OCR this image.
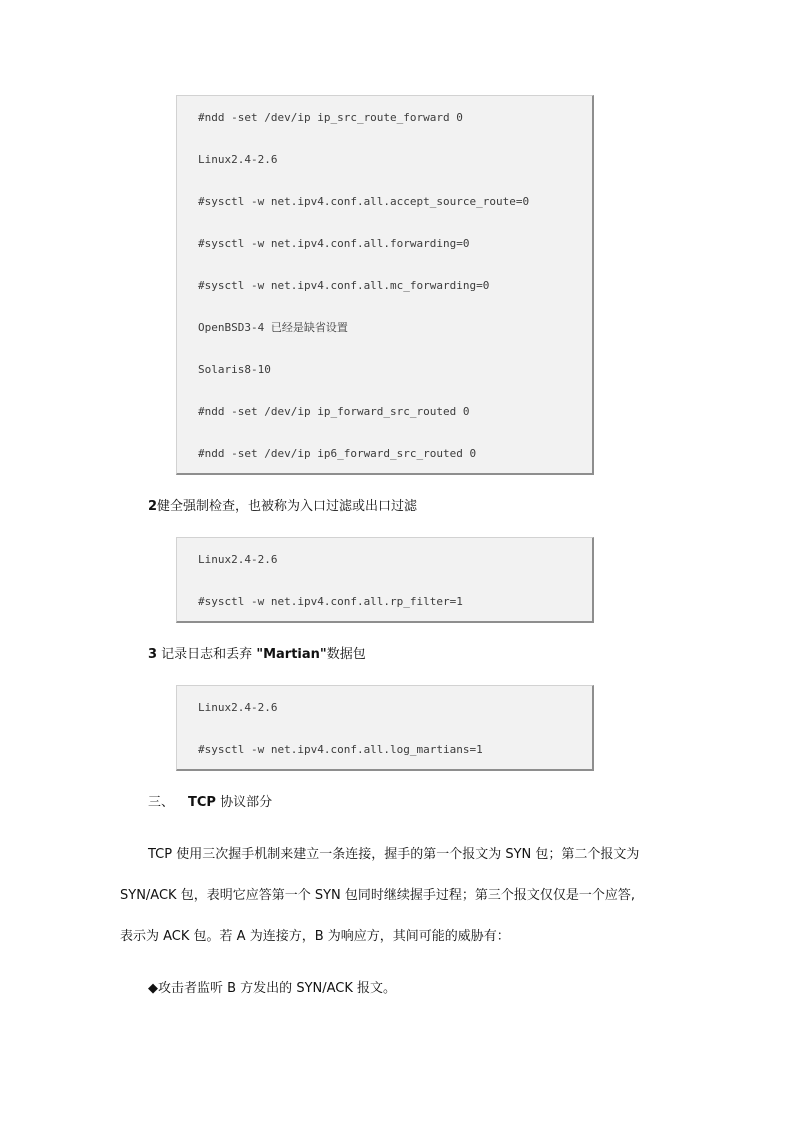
#ndd -set /dev/ip ip_src_route_forward 0
Linux2.4-2.6
#sysctl -w net.ipv4.conf.all.accept_source_route=0
#sysctl -w net.ipv4.conf.all.forwarding=0
#sysctl -w net.ipv4.conf.all.mc_forwarding=0
OpenBSD3-4 已经是缺省设置
Solaris8-10
#ndd -set /dev/ip ip_forward_src_routed 0
#ndd -set /dev/ip ip6_forward_src_routed 0
2健全强制检查，也被称为入口过滤或出口过滤
Linux2.4-2.6
#sysctl -w net.ipv4.conf.all.rp_filter=1
3 记录日志和丢弃 "Martian"数据包
Linux2.4-2.6
#sysctl -w net.ipv4.conf.all.log_martians=1
三、 TCP 协议部分
TCP 使用三次握手机制来建立一条连接，握手的第一个报文为 SYN 包；第二个报文为
SYN/ACK 包，表明它应答第一个 SYN 包同时继续握手过程；第三个报文仅仅是一个应答,
表示为 ACK 包。若 A 为连接方，B 为响应方，其间可能的威胁有：
◆攻击者监听 B 方发出的 SYN/ACK 报文。
